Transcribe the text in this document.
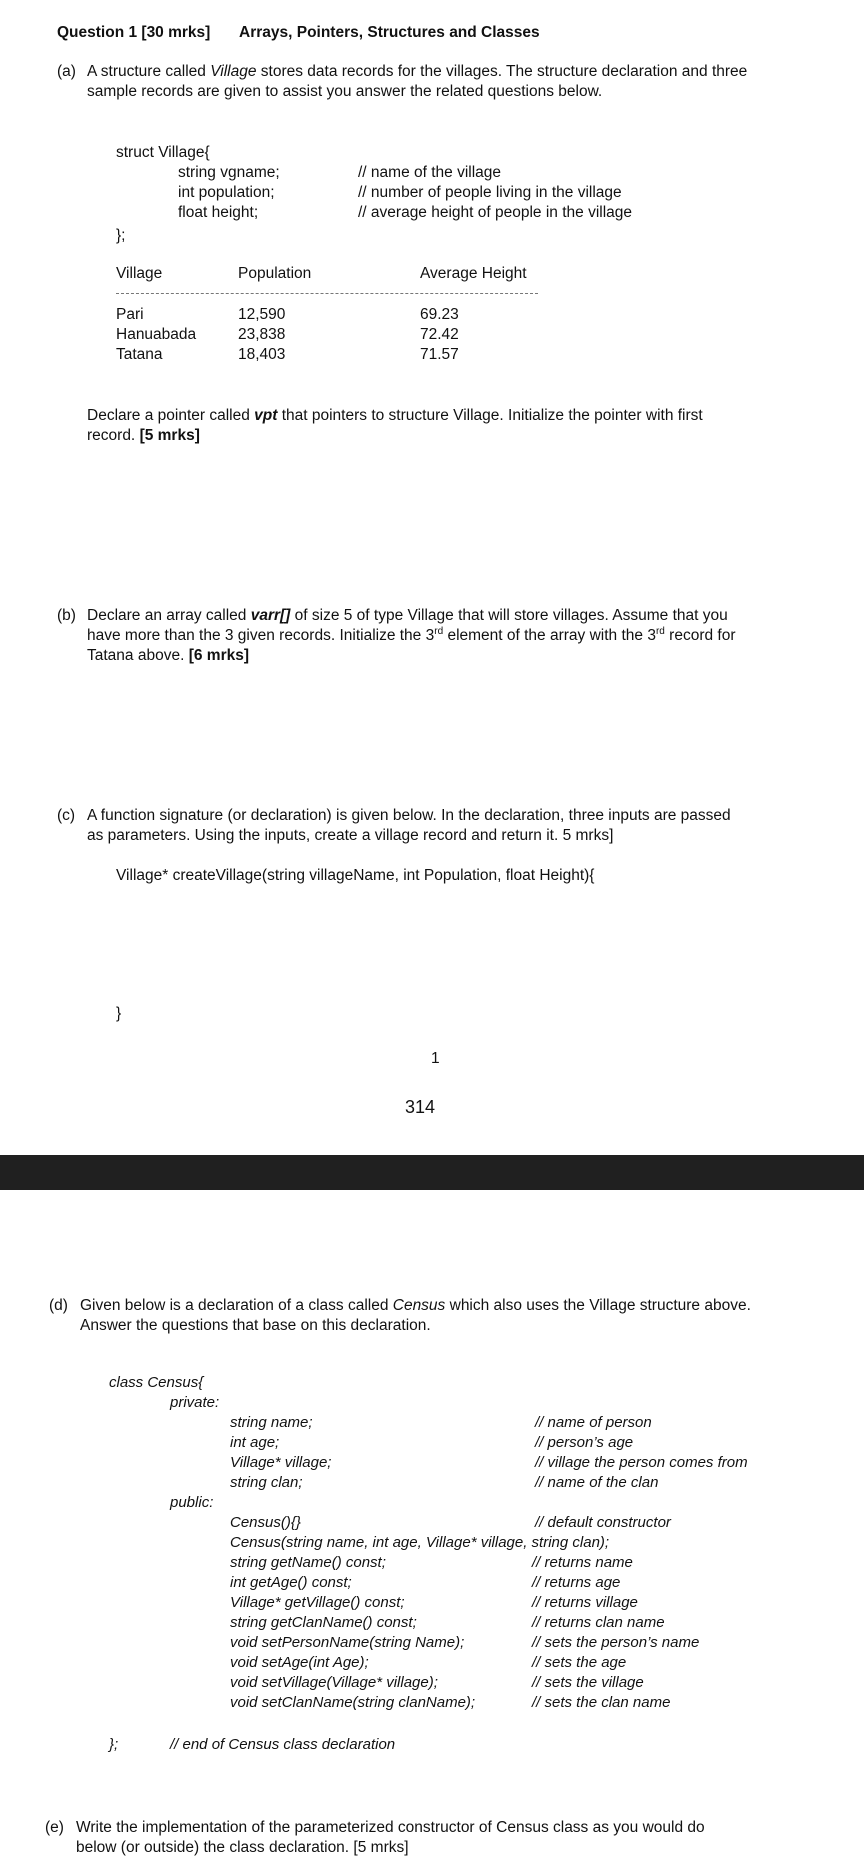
Question 1 [30 mrks] Arrays, Pointers, Structures and Classes
(a) A structure called Village stores data records for the villages. The structure declaration and three
sample records are given to assist you answer the related questions below.
struct Village{
string vgname;	// name of the village
int population;	// number of people living in the village
float height;	// average height of people in the village
};
Village	Population	Average Height
Pari	12,590	69.23
Hanuabada	23,838	72.42
Tatana	18,403	71.57
Declare a pointer called vpt that pointers to structure Village. Initialize the pointer with first
record. [5 mrks]
(b) Declare an array called varr[] of size 5 of type Village that will store villages. Assume that you
have more than the 3 given records. Initialize the 3rd element of the array with the 3rd record for
Tatana above. [6 mrks]
(c) A function signature (or declaration) is given below. In the declaration, three inputs are passed
as parameters. Using the inputs, create a village record and return it. 5 mrks]
Village* createVillage(string villageName, int Population, float Height){
}
1
314
(d) Given below is a declaration of a class called Census which also uses the Village structure above.
Answer the questions that base on this declaration.
class Census{
private:
string name;	// name of person
int age;	// person’s age
Village* village;	// village the person comes from
string clan;	// name of the clan
public:
Census(){}	// default constructor
Census(string name, int age, Village* village, string clan);
string getName() const;	// returns name
int getAge() const;	// returns age
Village* getVillage() const;	// returns village
string getClanName() const;	// returns clan name
void setPersonName(string Name);	// sets the person’s name
void setAge(int Age);	// sets the age
void setVillage(Village* village);	// sets the village
void setClanName(string clanName);	// sets the clan name
};	// end of Census class declaration
(e) Write the implementation of the parameterized constructor of Census class as you would do
below (or outside) the class declaration. [5 mrks]
